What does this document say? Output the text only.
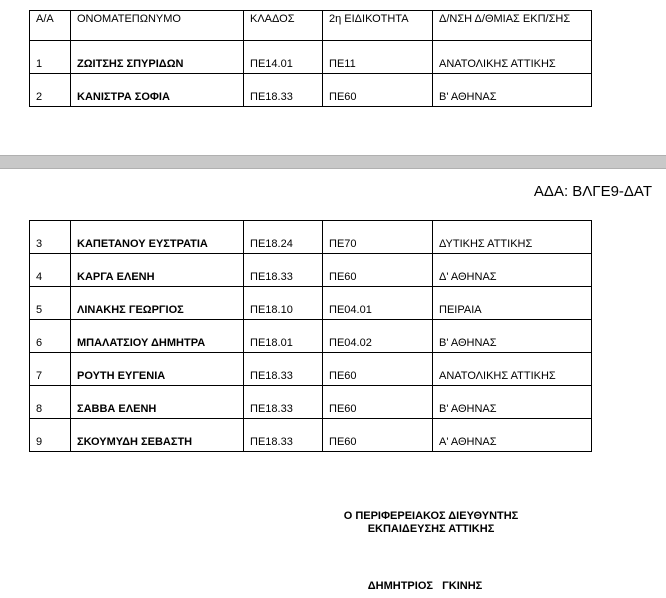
Α/Α	ΟΝΟΜΑΤΕΠΩΝΥΜΟ	ΚΛΑΔΟΣ	2η ΕΙΔΙΚΟΤΗΤΑ	Δ/ΝΣΗ Δ/ΘΜΙΑΣ ΕΚΠ/ΣΗΣ
1	ΖΩΙΤΣΗΣ ΣΠΥΡΙΔΩΝ	ΠΕ14.01	ΠΕ11	ΑΝΑΤΟΛΙΚΗΣ ΑΤΤΙΚΗΣ
2	ΚΑΝΙΣΤΡΑ ΣΟΦΙΑ	ΠΕ18.33	ΠΕ60	Β' ΑΘΗΝΑΣ
ΑΔΑ: ΒΛΓΕ9-ΔΑΤ
3	ΚΑΠΕΤΑΝΟΥ ΕΥΣΤΡΑΤΙΑ	ΠΕ18.24	ΠΕ70	ΔΥΤΙΚΗΣ ΑΤΤΙΚΗΣ
4	ΚΑΡΓΑ ΕΛΕΝΗ	ΠΕ18.33	ΠΕ60	Δ' ΑΘΗΝΑΣ
5	ΛΙΝΑΚΗΣ ΓΕΩΡΓΙΟΣ	ΠΕ18.10	ΠΕ04.01	ΠΕΙΡΑΙΑ
6	ΜΠΑΛΑΤΣΙΟΥ ΔΗΜΗΤΡΑ	ΠΕ18.01	ΠΕ04.02	Β' ΑΘΗΝΑΣ
7	ΡΟΥΤΗ ΕΥΓΕΝΙΑ	ΠΕ18.33	ΠΕ60	ΑΝΑΤΟΛΙΚΗΣ ΑΤΤΙΚΗΣ
8	ΣΑΒΒΑ ΕΛΕΝΗ	ΠΕ18.33	ΠΕ60	Β' ΑΘΗΝΑΣ
9	ΣΚΟΥΜΥΔΗ ΣΕΒΑΣΤΗ	ΠΕ18.33	ΠΕ60	Α' ΑΘΗΝΑΣ
Ο ΠΕΡΙΦΕΡΕΙΑΚΟΣ ΔΙΕΥΘΥΝΤΗΣ
ΕΚΠΑΙΔΕΥΣΗΣ ΑΤΤΙΚΗΣ
ΔΗΜΗΤΡΙΟΣ   ΓΚΙΝΗΣ
